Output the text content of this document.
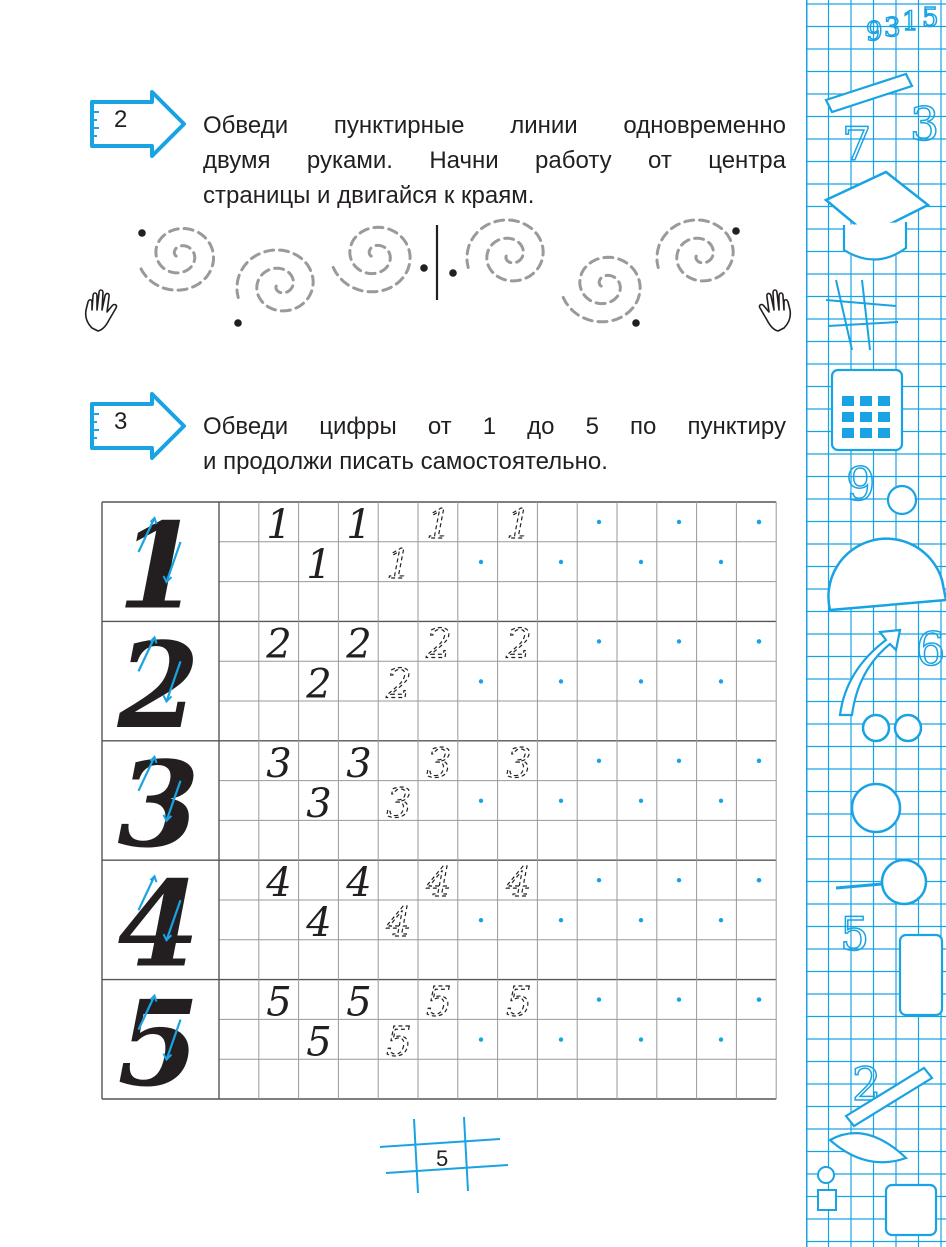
2	Обведи пунктирные линии одновременно
двумя руками. Начни работу от центра
страницы и двигайся к краям.
3	Обведи цифры от 1 до 5 по пунктиру
и продолжи писать самостоятельно.
1 1 1 1 1
1 1
2 2 2 2 2
2 2
3 3 3 3 3
3 3
4 4 4 4 4
4 4
5 5 5 5 5
5 5
5
9 3 1 5
7 3
9
6
5
2
